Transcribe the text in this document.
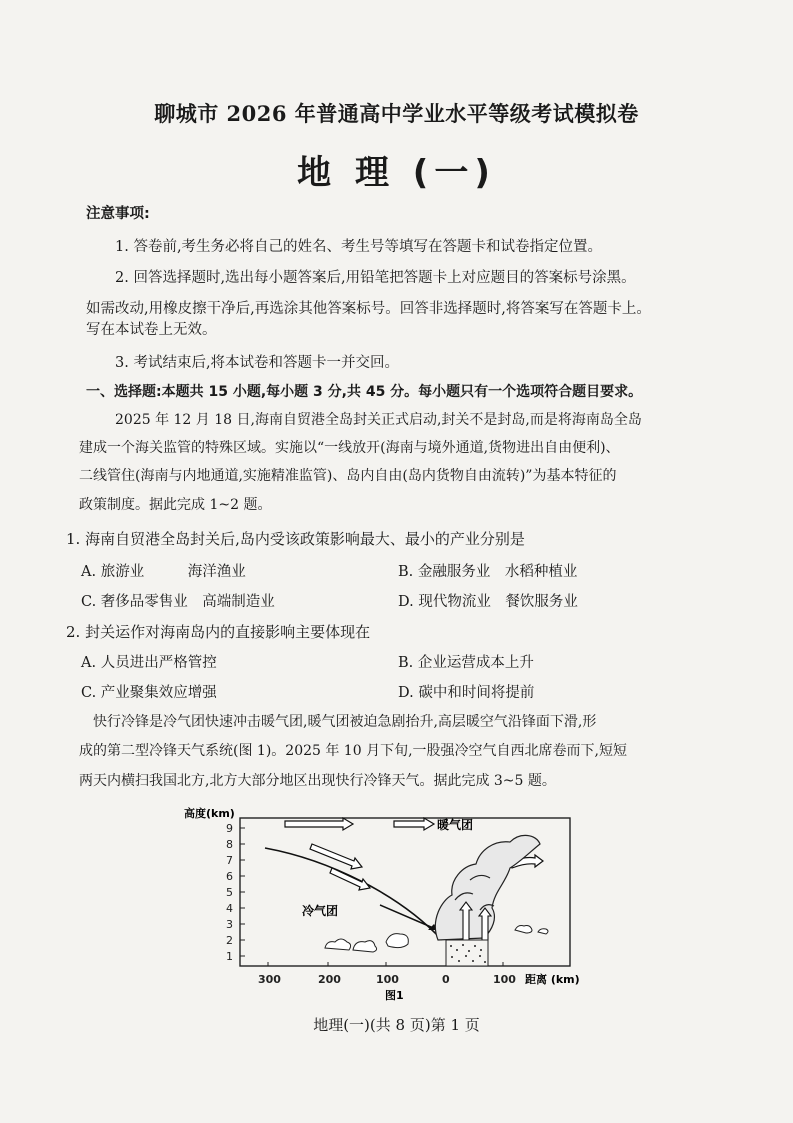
聊城市 2026 年普通高中学业水平等级考试模拟卷
地 理 (一)
注意事项:
1. 答卷前,考生务必将自己的姓名、考生号等填写在答题卡和试卷指定位置。
2. 回答选择题时,选出每小题答案后,用铅笔把答题卡上对应题目的答案标号涂黑。
如需改动,用橡皮擦干净后,再选涂其他答案标号。回答非选择题时,将答案写在答题卡上。
写在本试卷上无效。
3. 考试结束后,将本试卷和答题卡一并交回。
一、选择题:本题共 15 小题,每小题 3 分,共 45 分。每小题只有一个选项符合题目要求。
2025 年 12 月 18 日,海南自贸港全岛封关正式启动,封关不是封岛,而是将海南岛全岛
建成一个海关监管的特殊区域。实施以“一线放开(海南与境外通道,货物进出自由便利)、
二线管住(海南与内地通道,实施精准监管)、岛内自由(岛内货物自由流转)”为基本特征的
政策制度。据此完成 1~2 题。
1. 海南自贸港全岛封关后,岛内受该政策影响最大、最小的产业分别是
A. 旅游业　　　海洋渔业	B. 金融服务业　水稻种植业
C. 奢侈品零售业　高端制造业	D. 现代物流业　餐饮服务业
2. 封关运作对海南岛内的直接影响主要体现在
A. 人员进出严格管控	B. 企业运营成本上升
C. 产业聚集效应增强	D. 碳中和时间将提前
快行冷锋是冷气团快速冲击暖气团,暖气团被迫急剧抬升,高层暖空气沿锋面下滑,形
成的第二型冷锋天气系统(图 1)。2025 年 10 月下旬,一股强冷空气自西北席卷而下,短短
两天内横扫我国北方,北方大部分地区出现快行冷锋天气。据此完成 3~5 题。
高度(km)
9
8
7
6
5
4
3
2
1
300	200	100	0	100 距离 (km)
图1
暖气团
冷气团
地理(一)(共 8 页)第 1 页
